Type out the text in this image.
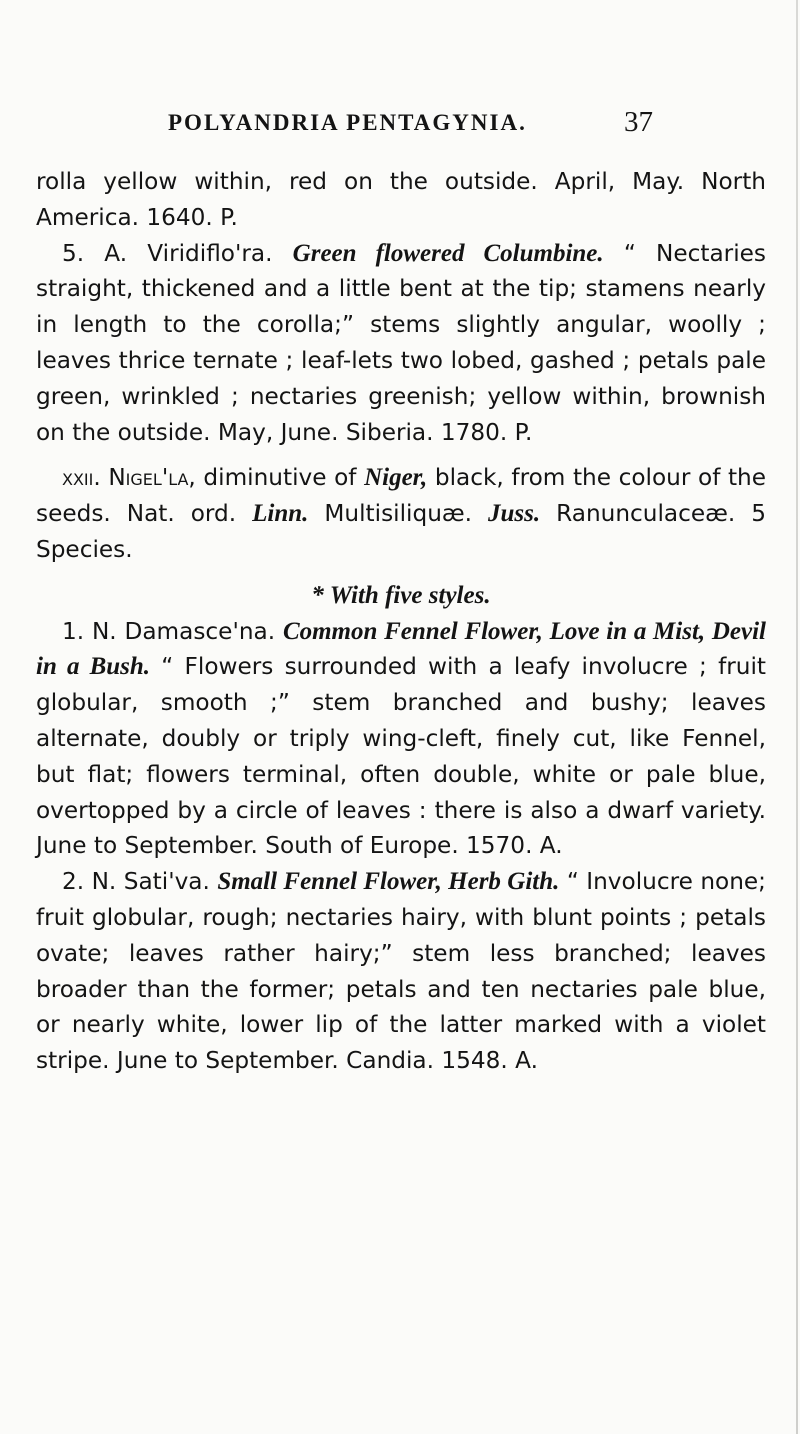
POLYANDRIA PENTAGYNIA.	37

rolla yellow within, red on the outside. April, May. North America. 1640. P.

5. A. Viridiflo'ra. Green flowered Columbine. “ Nectaries straight, thickened and a little bent at the tip; stamens nearly in length to the corolla;” stems slightly angular, woolly ; leaves thrice ternate ; leaf-lets two lobed, gashed ; petals pale green, wrinkled ; nectaries greenish; yellow within, brownish on the outside. May, June. Siberia. 1780. P.

xxii. Nigel'la, diminutive of Niger, black, from the colour of the seeds. Nat. ord. Linn. Multisiliquæ. Juss. Ranunculaceæ. 5 Species.

* With five styles.

1. N. Damasce'na. Common Fennel Flower, Love in a Mist, Devil in a Bush. “ Flowers surrounded with a leafy involucre ; fruit globular, smooth ;” stem branched and bushy; leaves alternate, doubly or triply wing-cleft, finely cut, like Fennel, but flat; flowers terminal, often double, white or pale blue, overtopped by a circle of leaves : there is also a dwarf variety. June to September. South of Europe. 1570. A.

2. N. Sati'va. Small Fennel Flower, Herb Gith. “ Involucre none; fruit globular, rough; nectaries hairy, with blunt points ; petals ovate; leaves rather hairy;” stem less branched; leaves broader than the former; petals and ten nectaries pale blue, or nearly white, lower lip of the latter marked with a violet stripe. June to September. Candia. 1548. A.
